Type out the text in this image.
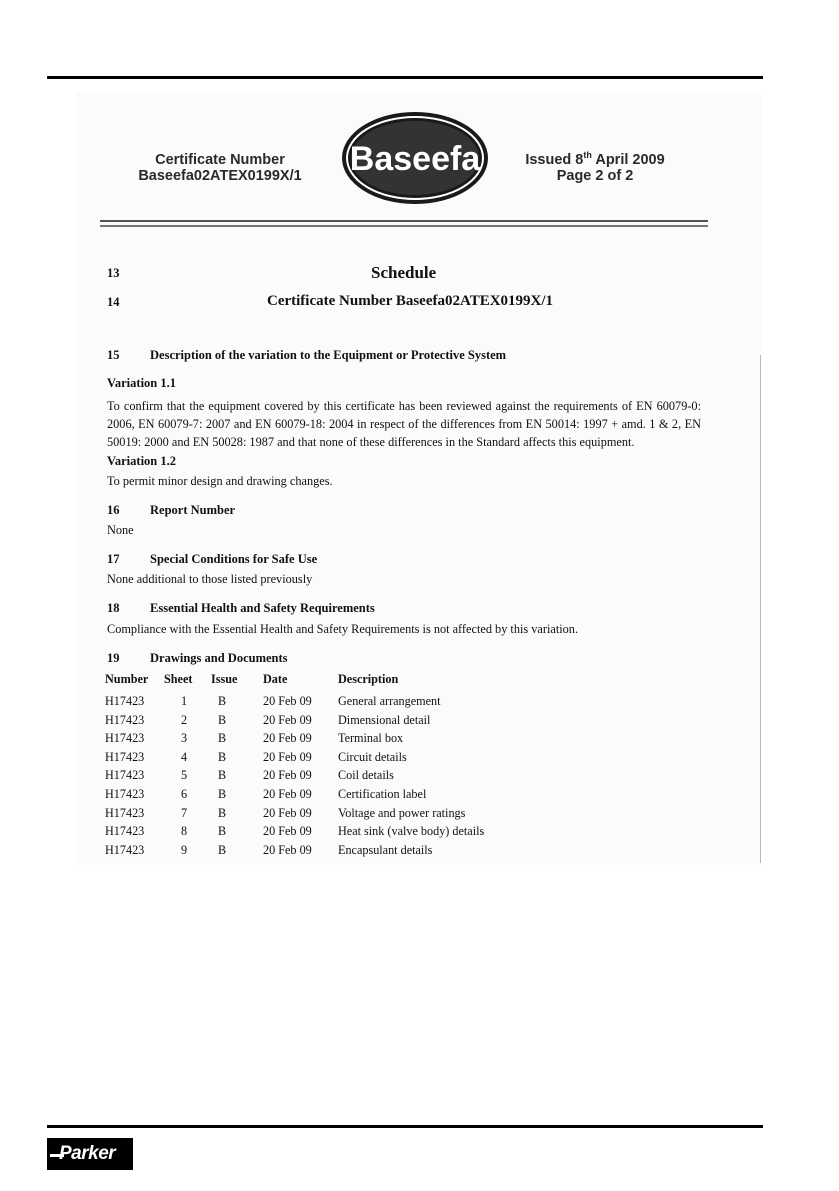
Certificate Number
Baseefa02ATEX0199X/1 Baseefa	Issued 8th April 2009
Page 2 of 2
13	Schedule
14	Certificate Number Baseefa02ATEX0199X/1
15 Description of the variation to the Equipment or Protective System
Variation 1.1
To confirm that the equipment covered by this certificate has been reviewed against the requirements of EN 60079-0: 2006, EN 60079-7: 2007 and EN 60079-18: 2004 in respect of the differences from EN 50014: 1997 + amd. 1 & 2, EN 50019: 2000 and EN 50028: 1987 and that none of these differences in the Standard affects this equipment.
Variation 1.2
To permit minor design and drawing changes.
16 Report Number
None
17 Special Conditions for Safe Use
None additional to those listed previously
18 Essential Health and Safety Requirements
Compliance with the Essential Health and Safety Requirements is not affected by this variation.
19 Drawings and Documents
Number	Sheet	Issue	Date	Description
H17423	1	B	20 Feb 09	General arrangement
H17423	2	B	20 Feb 09	Dimensional detail
H17423	3	B	20 Feb 09	Terminal box
H17423	4	B	20 Feb 09	Circuit details
H17423	5	B	20 Feb 09	Coil details
H17423	6	B	20 Feb 09	Certification label
H17423	7	B	20 Feb 09	Voltage and power ratings
H17423	8	B	20 Feb 09	Heat sink (valve body) details
H17423	9	B	20 Feb 09	Encapsulant details
Parker
